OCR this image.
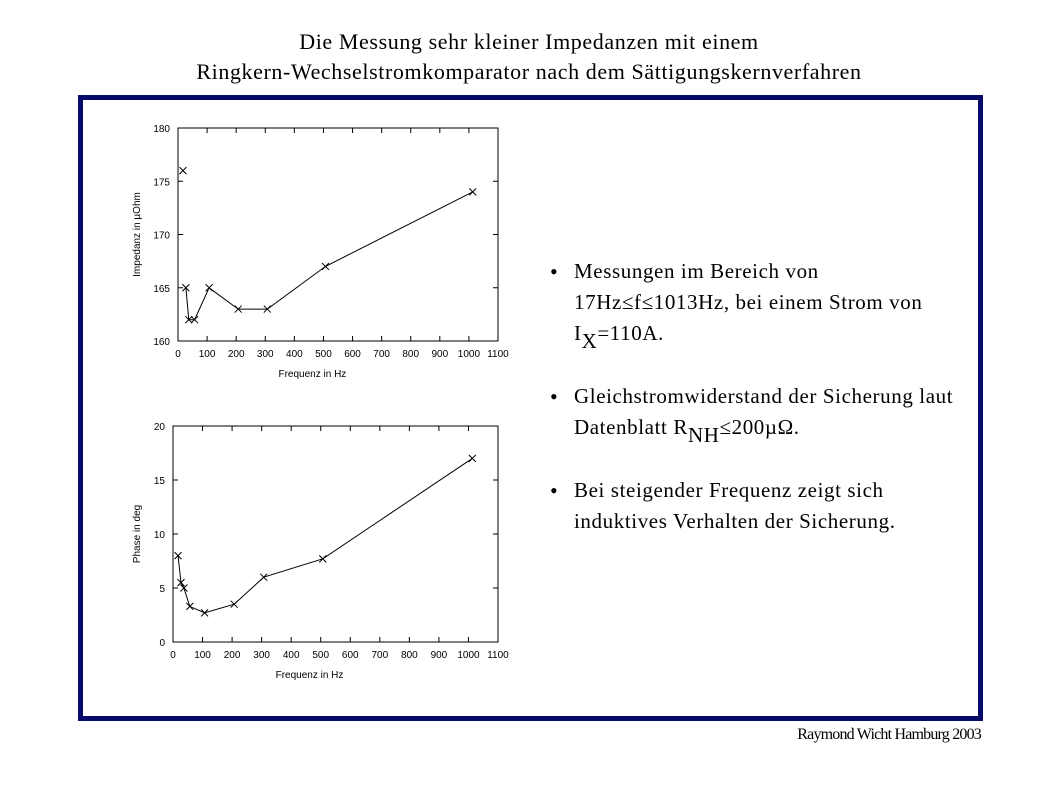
Die Messung sehr kleiner Impedanzen mit einem
Ringkern-Wechselstromkomparator nach dem Sättigungskernverfahren
0 100 200 300 400 500 600 700 800 900 1000 1100
160
165
170
175
180
Frequenz in Hz
Impedanz in µOhm
0 100 200 300 400 500 600 700 800 900 1000 1100
0
5
10
15
20
Frequenz in Hz
Phase in deg
• Messungen im Bereich von 17Hz≤f≤1013Hz, bei einem Strom von $I_X=110A$.

• Gleichstromwiderstand der Sicherung laut Datenblatt $R_{NH}\le 200\mu\Omega$.

• Bei steigender Frequenz zeigt sich induktives Verhalten der Sicherung.

Raymond Wicht Hamburg 2003
